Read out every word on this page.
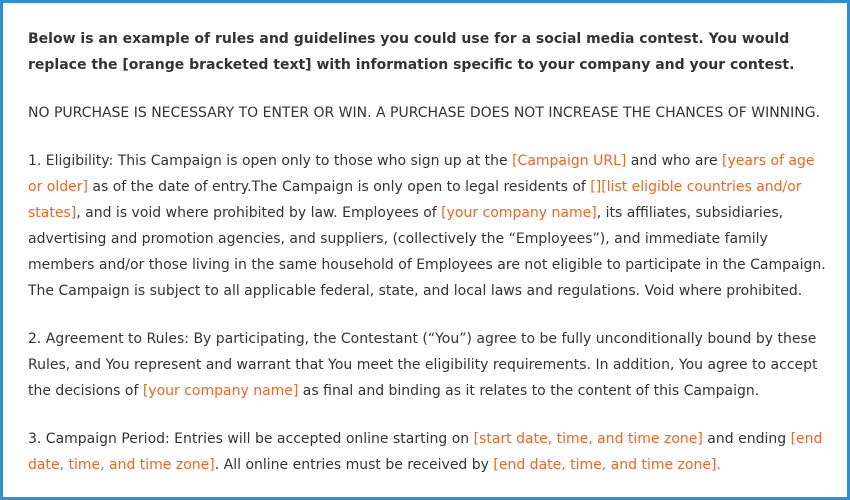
Below is an example of rules and guidelines you could use for a social media contest. You would replace the [orange bracketed text] with information specific to your company and your contest.

NO PURCHASE IS NECESSARY TO ENTER OR WIN. A PURCHASE DOES NOT INCREASE THE CHANCES OF WINNING.

1. Eligibility: This Campaign is open only to those who sign up at the [Campaign URL] and who are [years of age or older] as of the date of entry.The Campaign is only open to legal residents of [][list eligible countries and/or states], and is void where prohibited by law. Employees of [your company name], its affiliates, subsidiaries, advertising and promotion agencies, and suppliers, (collectively the “Employees”), and immediate family members and/or those living in the same household of Employees are not eligible to participate in the Campaign. The Campaign is subject to all applicable federal, state, and local laws and regulations. Void where prohibited.

2. Agreement to Rules: By participating, the Contestant (“You”) agree to be fully unconditionally bound by these Rules, and You represent and warrant that You meet the eligibility requirements. In addition, You agree to accept the decisions of [your company name] as final and binding as it relates to the content of this Campaign.

3. Campaign Period: Entries will be accepted online starting on [start date, time, and time zone] and ending [end date, time, and time zone]. All online entries must be received by [end date, time, and time zone].
